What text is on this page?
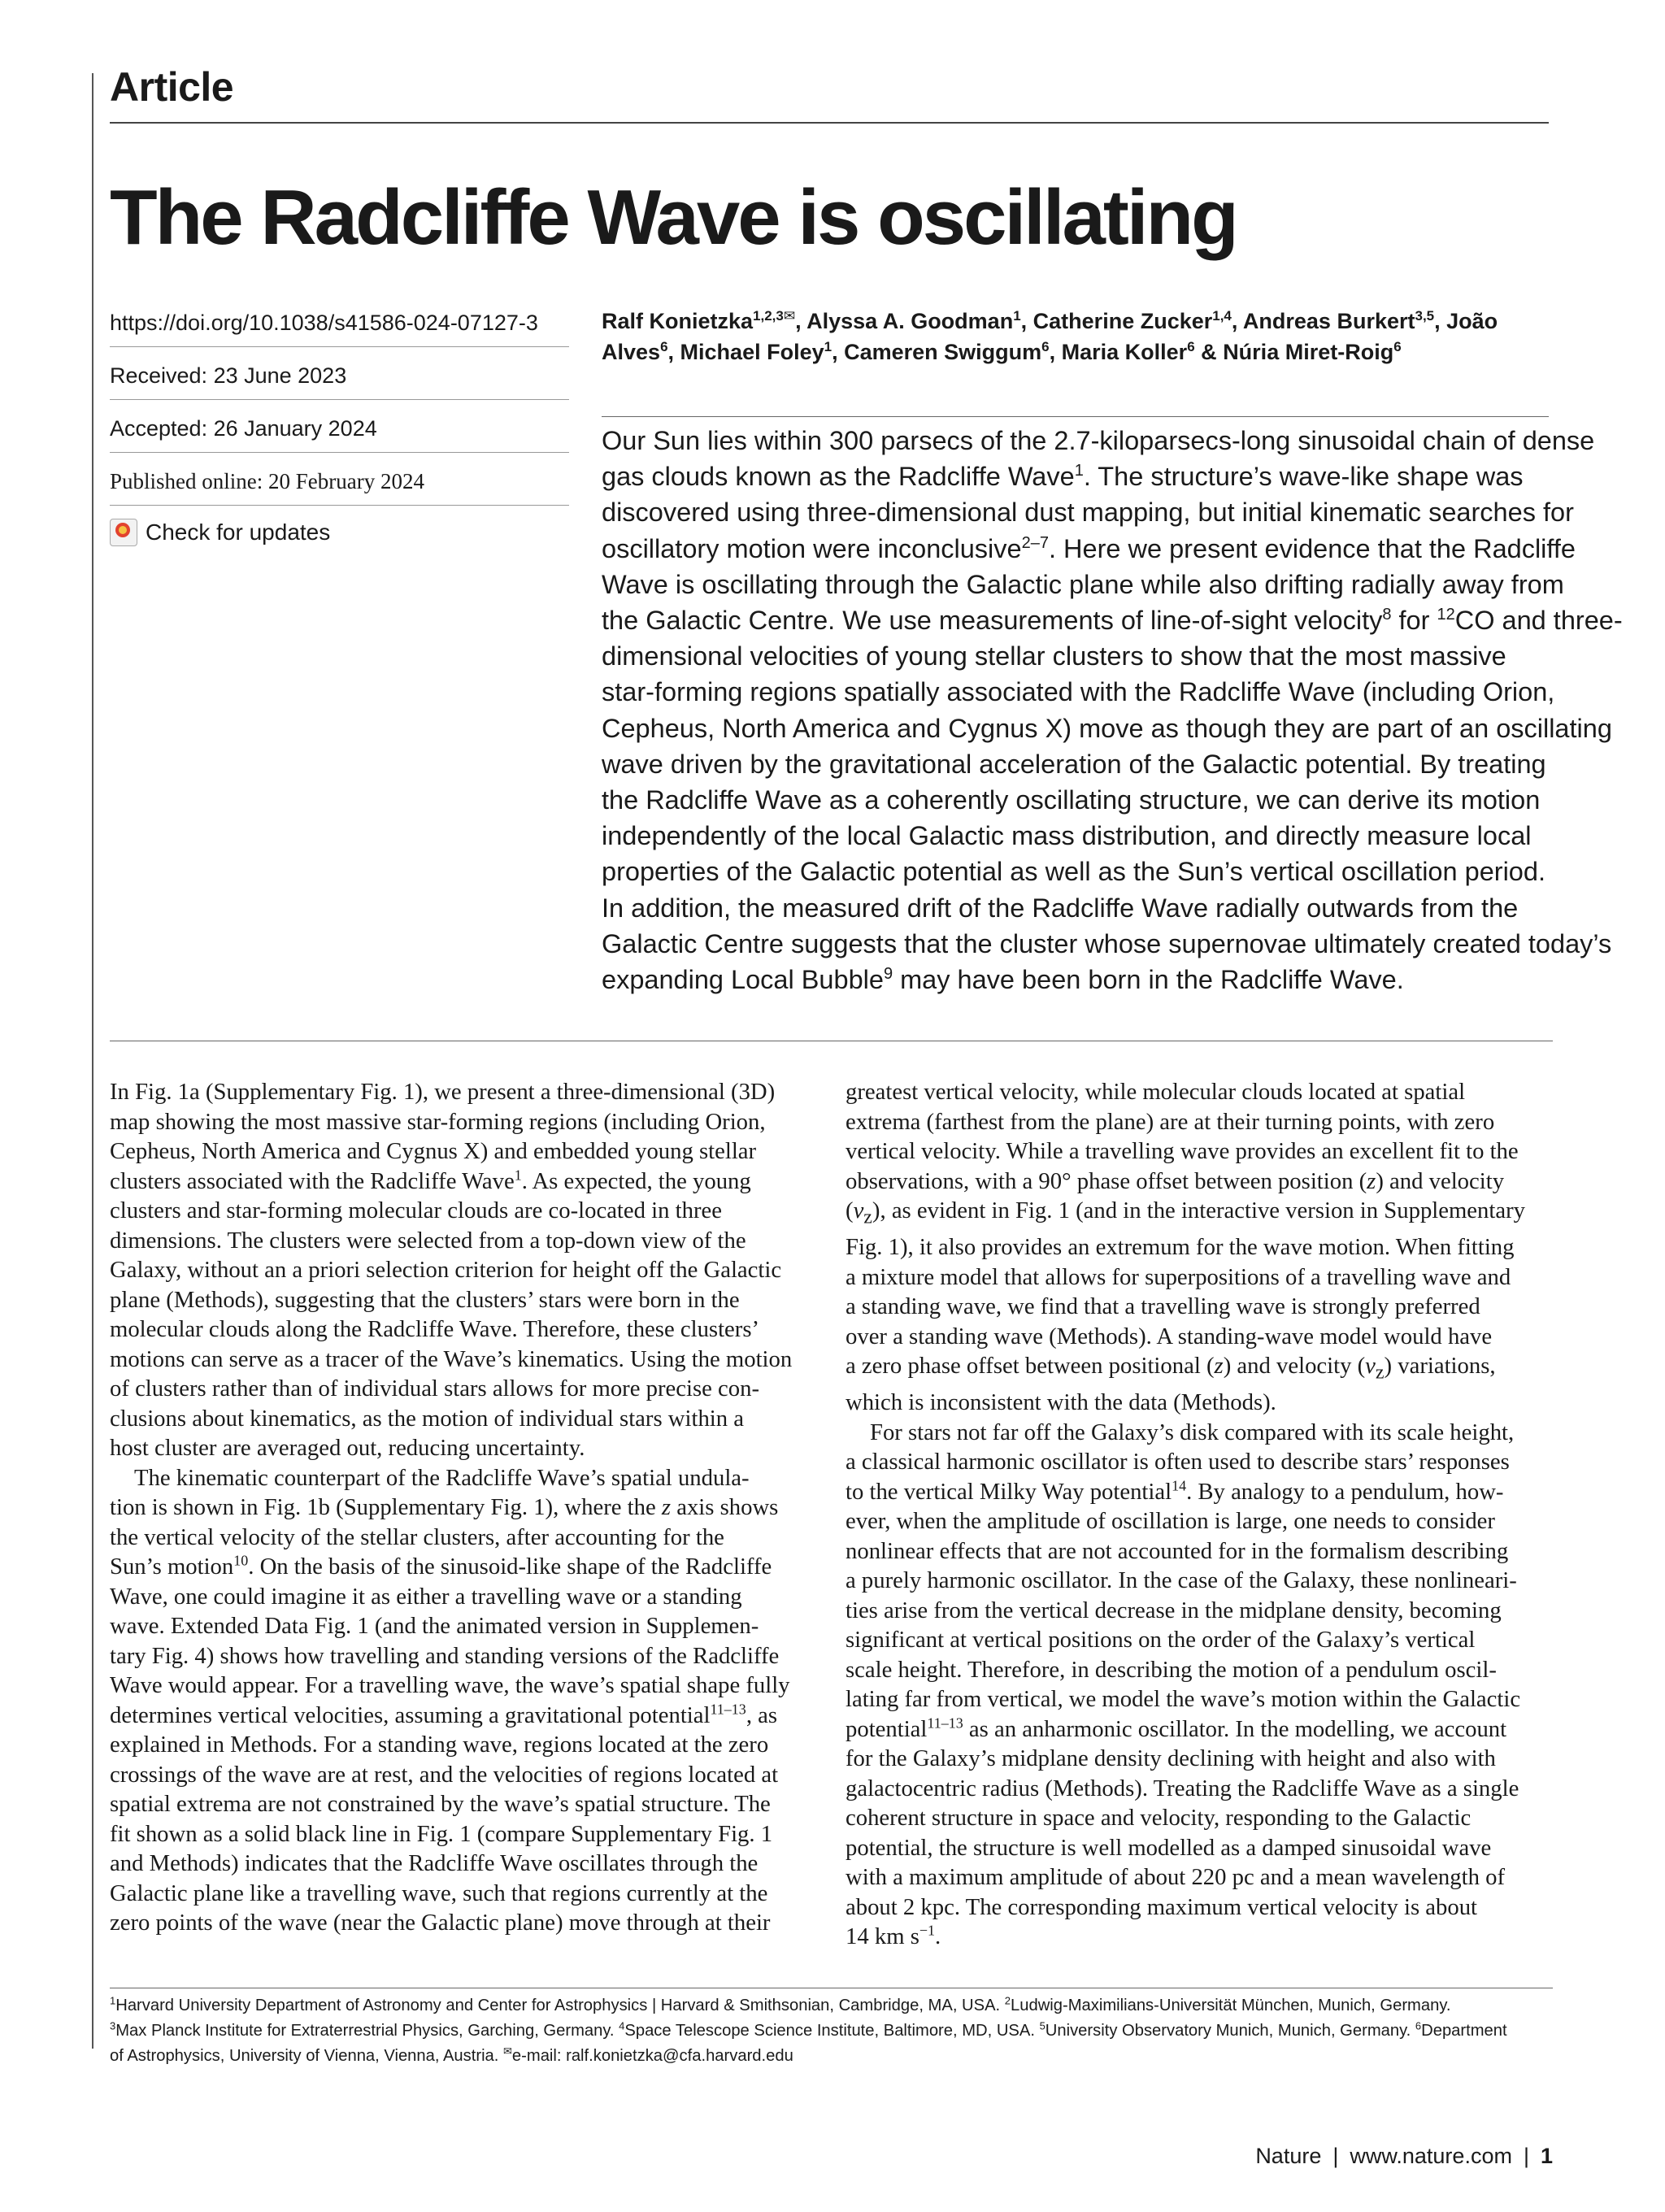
Article
The Radcliffe Wave is oscillating
https://doi.org/10.1038/s41586-024-07127-3
Received: 23 June 2023
Accepted: 26 January 2024
Published online: 20 February 2024
Check for updates
Ralf Konietzka$^{1,2,3✉}$, Alyssa A. Goodman$^1$, Catherine Zucker$^{1,4}$, Andreas Burkert$^{3,5}$, João Alves$^6$, Michael Foley$^1$, Cameren Swiggum$^6$, Maria Koller$^6$ & Núria Miret-Roig$^6$
Our Sun lies within 300 parsecs of the 2.7-kiloparsecs-long sinusoidal chain of dense
gas clouds known as the Radcliffe Wave$^1$. The structure’s wave-like shape was
discovered using three-dimensional dust mapping, but initial kinematic searches for
oscillatory motion were inconclusive$^{2-7}$. Here we present evidence that the Radcliffe
Wave is oscillating through the Galactic plane while also drifting radially away from
the Galactic Centre. We use measurements of line-of-sight velocity$^8$ for $^{12}$CO and three-
dimensional velocities of young stellar clusters to show that the most massive
star-forming regions spatially associated with the Radcliffe Wave (including Orion,
Cepheus, North America and Cygnus X) move as though they are part of an oscillating
wave driven by the gravitational acceleration of the Galactic potential. By treating
the Radcliffe Wave as a coherently oscillating structure, we can derive its motion
independently of the local Galactic mass distribution, and directly measure local
properties of the Galactic potential as well as the Sun’s vertical oscillation period.
In addition, the measured drift of the Radcliffe Wave radially outwards from the
Galactic Centre suggests that the cluster whose supernovae ultimately created today’s
expanding Local Bubble$^9$ may have been born in the Radcliffe Wave.
In Fig. 1a (Supplementary Fig. 1), we present a three-dimensional (3D)
map showing the most massive star-forming regions (including Orion,
Cepheus, North America and Cygnus X) and embedded young stellar
clusters associated with the Radcliffe Wave$^1$. As expected, the young
clusters and star-forming molecular clouds are co-located in three
dimensions. The clusters were selected from a top-down view of the
Galaxy, without an a priori selection criterion for height off the Galactic
plane (Methods), suggesting that the clusters’ stars were born in the
molecular clouds along the Radcliffe Wave. Therefore, these clusters’
motions can serve as a tracer of the Wave’s kinematics. Using the motion
of clusters rather than of individual stars allows for more precise con-
clusions about kinematics, as the motion of individual stars within a
host cluster are averaged out, reducing uncertainty.
The kinematic counterpart of the Radcliffe Wave’s spatial undula-
tion is shown in Fig. 1b (Supplementary Fig. 1), where the z axis shows
the vertical velocity of the stellar clusters, after accounting for the
Sun’s motion$^{10}$. On the basis of the sinusoid-like shape of the Radcliffe
Wave, one could imagine it as either a travelling wave or a standing
wave. Extended Data Fig. 1 (and the animated version in Supplemen-
tary Fig. 4) shows how travelling and standing versions of the Radcliffe
Wave would appear. For a travelling wave, the wave’s spatial shape fully
determines vertical velocities, assuming a gravitational potential$^{11-13}$, as
explained in Methods. For a standing wave, regions located at the zero
crossings of the wave are at rest, and the velocities of regions located at
spatial extrema are not constrained by the wave’s spatial structure. The
fit shown as a solid black line in Fig. 1 (compare Supplementary Fig. 1
and Methods) indicates that the Radcliffe Wave oscillates through the
Galactic plane like a travelling wave, such that regions currently at the
zero points of the wave (near the Galactic plane) move through at their
greatest vertical velocity, while molecular clouds located at spatial
extrema (farthest from the plane) are at their turning points, with zero
vertical velocity. While a travelling wave provides an excellent fit to the
observations, with a 90° phase offset between position (z) and velocity
$(v_z)$, as evident in Fig. 1 (and in the interactive version in Supplementary
Fig. 1), it also provides an extremum for the wave motion. When fitting
a mixture model that allows for superpositions of a travelling wave and
a standing wave, we find that a travelling wave is strongly preferred
over a standing wave (Methods). A standing-wave model would have
a zero phase offset between positional (z) and velocity $(v_z)$ variations,
which is inconsistent with the data (Methods).
For stars not far off the Galaxy’s disk compared with its scale height,
a classical harmonic oscillator is often used to describe stars’ responses
to the vertical Milky Way potential$^{14}$. By analogy to a pendulum, how-
ever, when the amplitude of oscillation is large, one needs to consider
nonlinear effects that are not accounted for in the formalism describing
a purely harmonic oscillator. In the case of the Galaxy, these nonlineari-
ties arise from the vertical decrease in the midplane density, becoming
significant at vertical positions on the order of the Galaxy’s vertical
scale height. Therefore, in describing the motion of a pendulum oscil-
lating far from vertical, we model the wave’s motion within the Galactic
potential$^{11-13}$ as an anharmonic oscillator. In the modelling, we account
for the Galaxy’s midplane density declining with height and also with
galactocentric radius (Methods). Treating the Radcliffe Wave as a single
coherent structure in space and velocity, responding to the Galactic
potential, the structure is well modelled as a damped sinusoidal wave
with a maximum amplitude of about 220 pc and a mean wavelength of
about 2 kpc. The corresponding maximum vertical velocity is about
14 km $s^{-1}$.
$^1$Harvard University Department of Astronomy and Center for Astrophysics | Harvard & Smithsonian, Cambridge, MA, USA. $^2$Ludwig-Maximilians-Universität München, Munich, Germany.
$^3$Max Planck Institute for Extraterrestrial Physics, Garching, Germany. $^4$Space Telescope Science Institute, Baltimore, MD, USA. $^5$University Observatory Munich, Munich, Germany. $^6$Department
of Astrophysics, University of Vienna, Vienna, Austria. ✉e-mail: ralf.konietzka@cfa.harvard.edu
Nature | www.nature.com | 1
